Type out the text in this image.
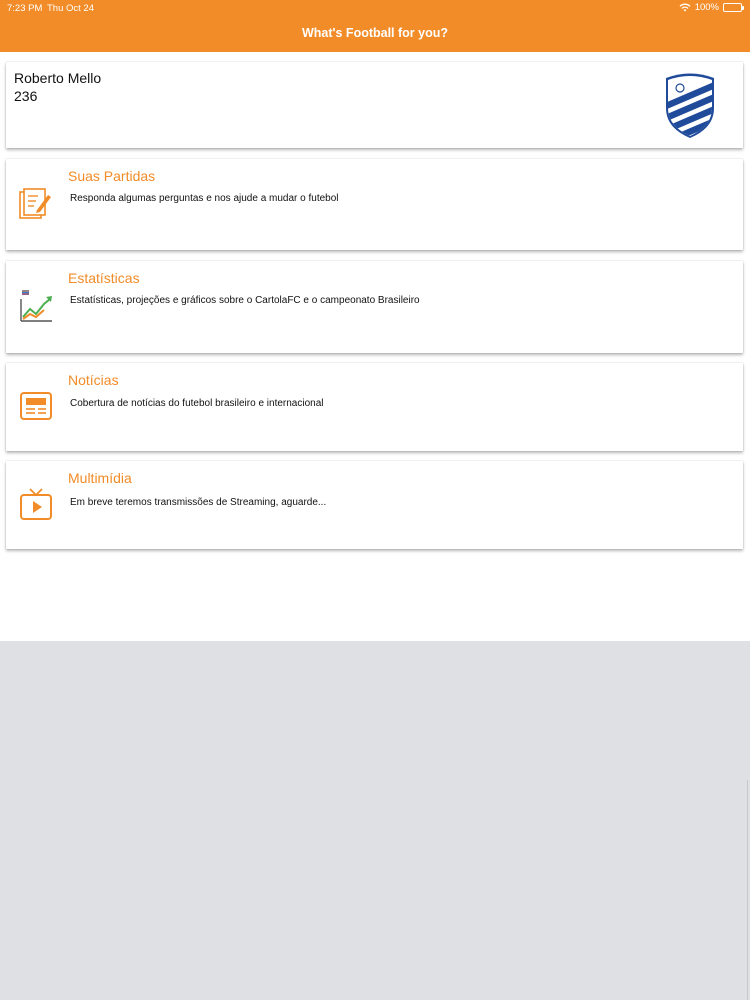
7:23 PM Thu Oct 24	100%
What's Football for you?
Roberto Mello
236
Suas Partidas
Responda algumas perguntas e nos ajude a mudar o futebol
Estatísticas
Estatísticas, projeções e gráficos sobre o CartolaFC e o campeonato Brasileiro
Notícias
Cobertura de notícias do futebol brasileiro e internacional
Multimídia
Em breve teremos transmissões de Streaming, aguarde...
